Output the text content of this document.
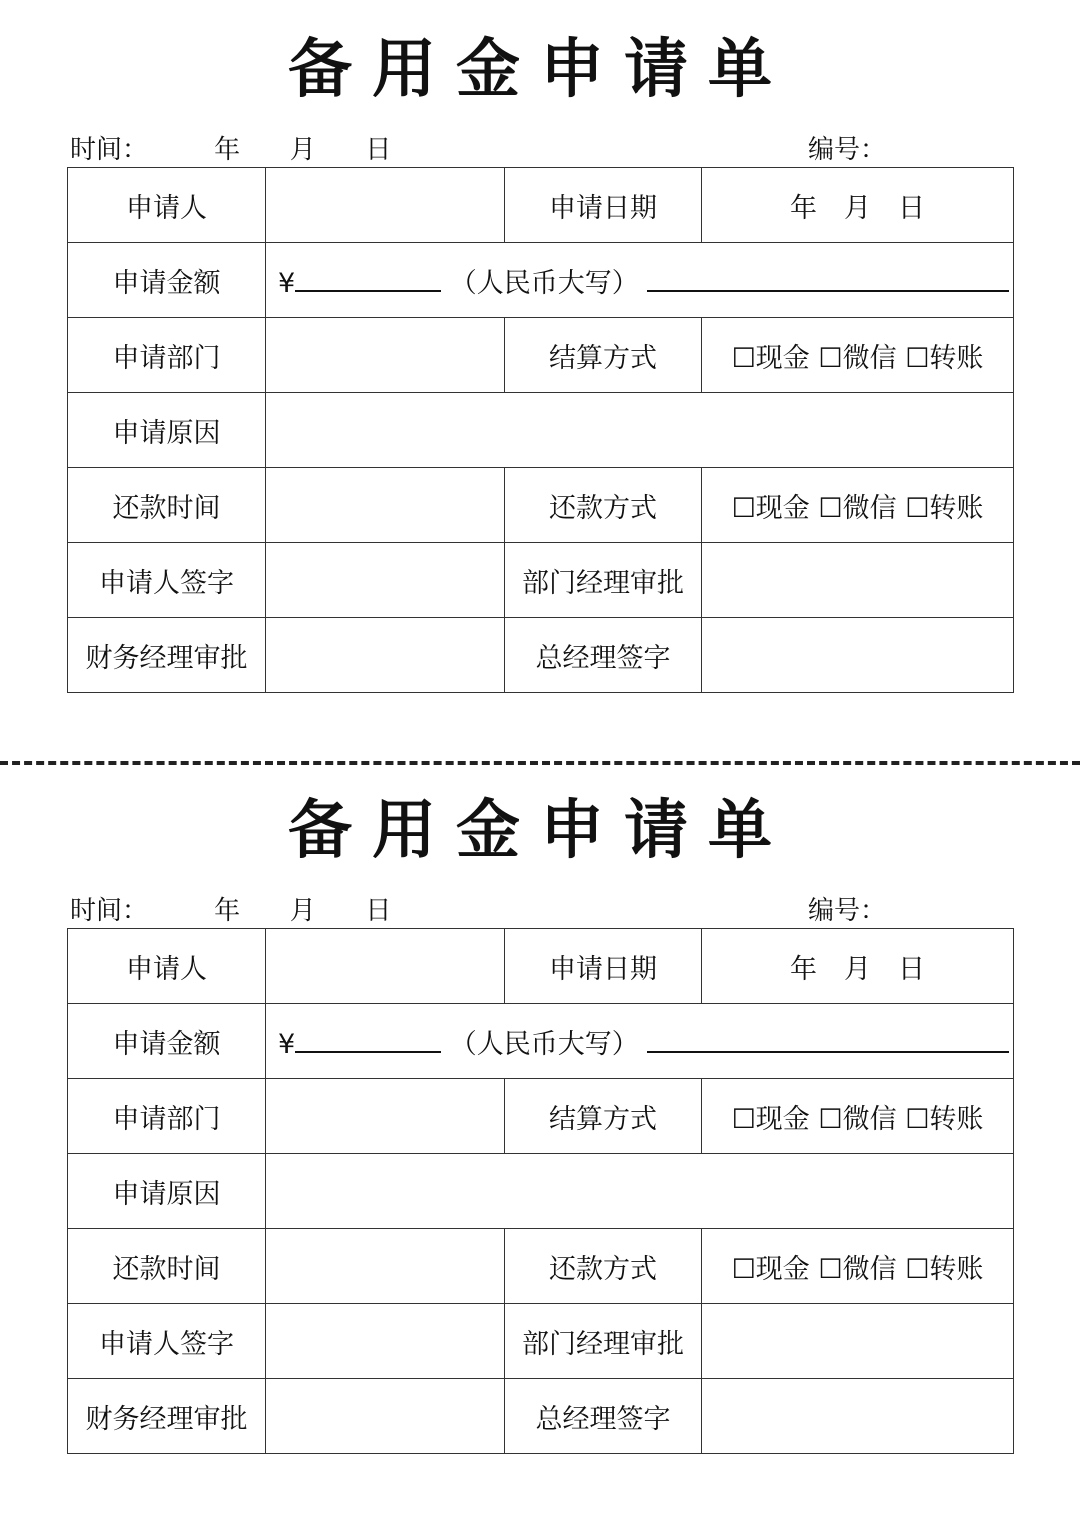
备用金申请单
时间：	年 月 日	编号：
申请人		申请日期	年　月　日
申请金额	¥ （人民币大写）		
申请部门		结算方式	☐现金 ☐微信 ☐转账
申请原因			
还款时间		还款方式	☐现金 ☐微信 ☐转账
申请人签字		部门经理审批	
财务经理审批		总经理签字	
备用金申请单
时间：	年 月 日	编号：
申请人		申请日期	年　月　日
申请金额	¥ （人民币大写）		
申请部门		结算方式	☐现金 ☐微信 ☐转账
申请原因			
还款时间		还款方式	☐现金 ☐微信 ☐转账
申请人签字		部门经理审批	
财务经理审批		总经理签字	
